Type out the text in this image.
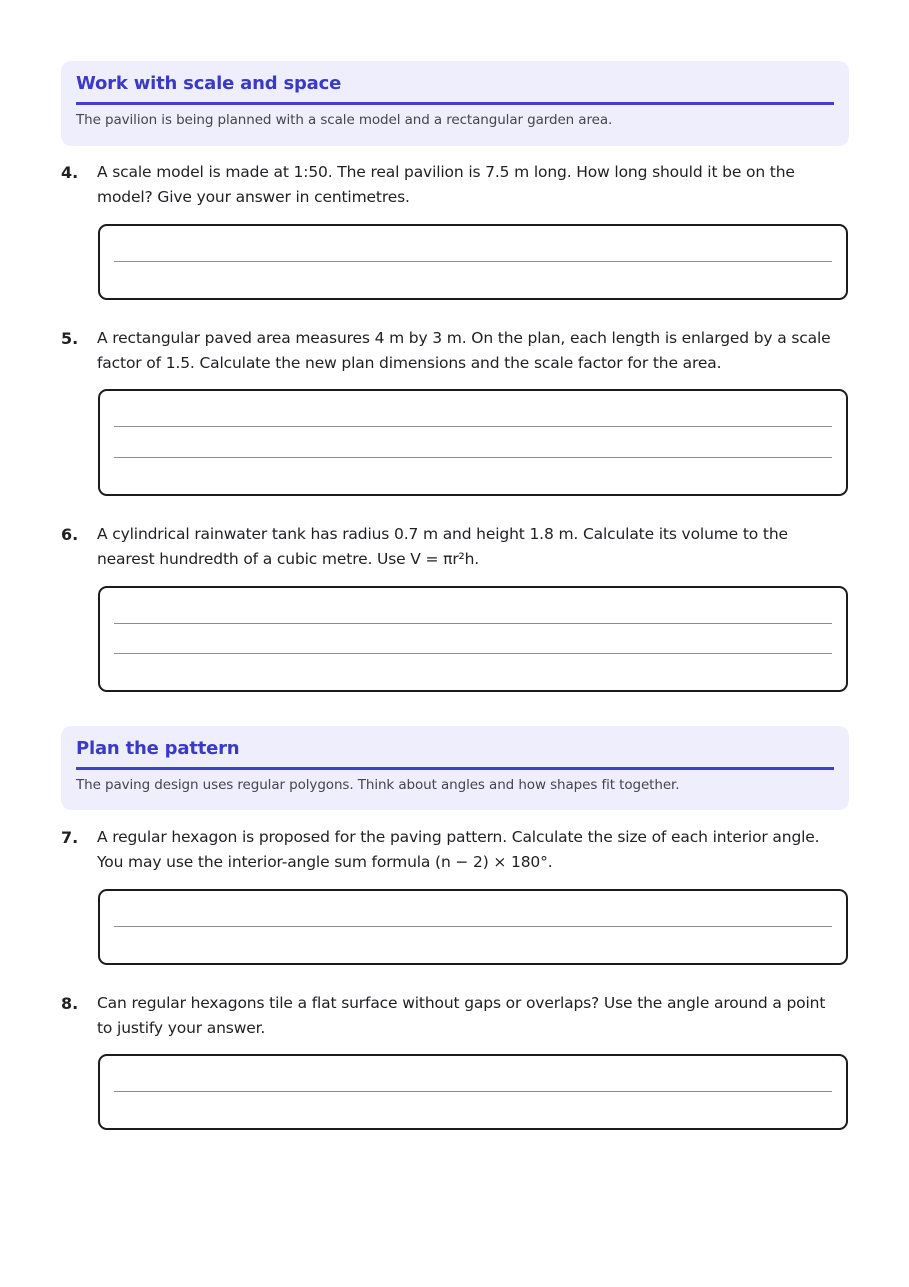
Work with scale and space
The pavilion is being planned with a scale model and a rectangular garden area.
4. A scale model is made at 1:50. The real pavilion is 7.5 m long. How long should it be on the model? Give your answer in centimetres.
5. A rectangular paved area measures 4 m by 3 m. On the plan, each length is enlarged by a scale factor of 1.5. Calculate the new plan dimensions and the scale factor for the area.
6. A cylindrical rainwater tank has radius 0.7 m and height 1.8 m. Calculate its volume to the nearest hundredth of a cubic metre. Use V = πr²h.
Plan the pattern
The paving design uses regular polygons. Think about angles and how shapes fit together.
7. A regular hexagon is proposed for the paving pattern. Calculate the size of each interior angle. You may use the interior-angle sum formula (n − 2) × 180°.
8. Can regular hexagons tile a flat surface without gaps or overlaps? Use the angle around a point to justify your answer.
